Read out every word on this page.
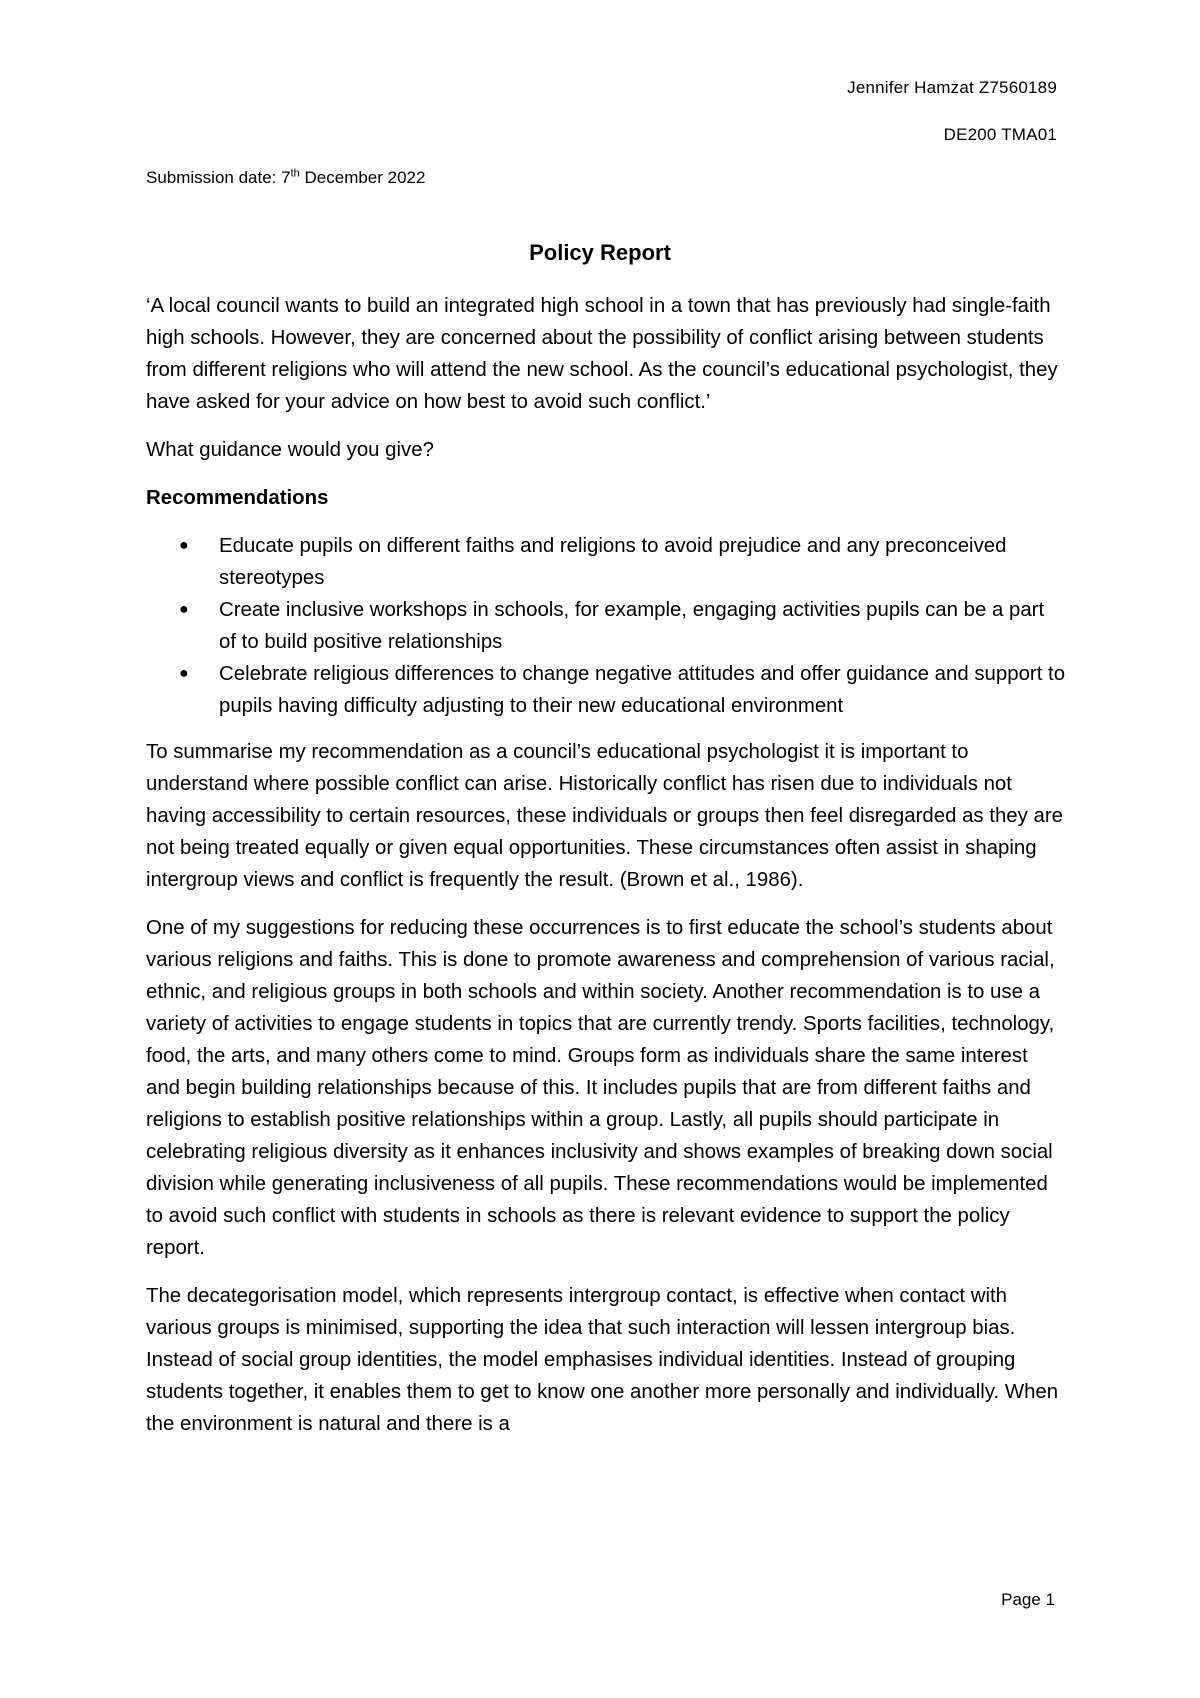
Jennifer Hamzat Z7560189
DE200 TMA01
Submission date: 7th December 2022
Policy Report

‘A local council wants to build an integrated high school in a town that has previously had single-faith high schools. However, they are concerned about the possibility of conflict arising between students from different religions who will attend the new school. As the council’s educational psychologist, they have asked for your advice on how best to avoid such conflict.’

What guidance would you give?

Recommendations

● Educate pupils on different faiths and religions to avoid prejudice and any preconceived stereotypes
● Create inclusive workshops in schools, for example, engaging activities pupils can be a part of to build positive relationships
● Celebrate religious differences to change negative attitudes and offer guidance and support to pupils having difficulty adjusting to their new educational environment

To summarise my recommendation as a council’s educational psychologist it is important to understand where possible conflict can arise. Historically conflict has risen due to individuals not having accessibility to certain resources, these individuals or groups then feel disregarded as they are not being treated equally or given equal opportunities. These circumstances often assist in shaping intergroup views and conflict is frequently the result. (Brown et al., 1986).

One of my suggestions for reducing these occurrences is to first educate the school’s students about various religions and faiths. This is done to promote awareness and comprehension of various racial, ethnic, and religious groups in both schools and within society. Another recommendation is to use a variety of activities to engage students in topics that are currently trendy. Sports facilities, technology, food, the arts, and many others come to mind. Groups form as individuals share the same interest and begin building relationships because of this. It includes pupils that are from different faiths and religions to establish positive relationships within a group. Lastly, all pupils should participate in celebrating religious diversity as it enhances inclusivity and shows examples of breaking down social division while generating inclusiveness of all pupils. These recommendations would be implemented to avoid such conflict with students in schools as there is relevant evidence to support the policy report.

The decategorisation model, which represents intergroup contact, is effective when contact with various groups is minimised, supporting the idea that such interaction will lessen intergroup bias. Instead of social group identities, the model emphasises individual identities. Instead of grouping students together, it enables them to get to know one another more personally and individually. When the environment is natural and there is a

Page 1
